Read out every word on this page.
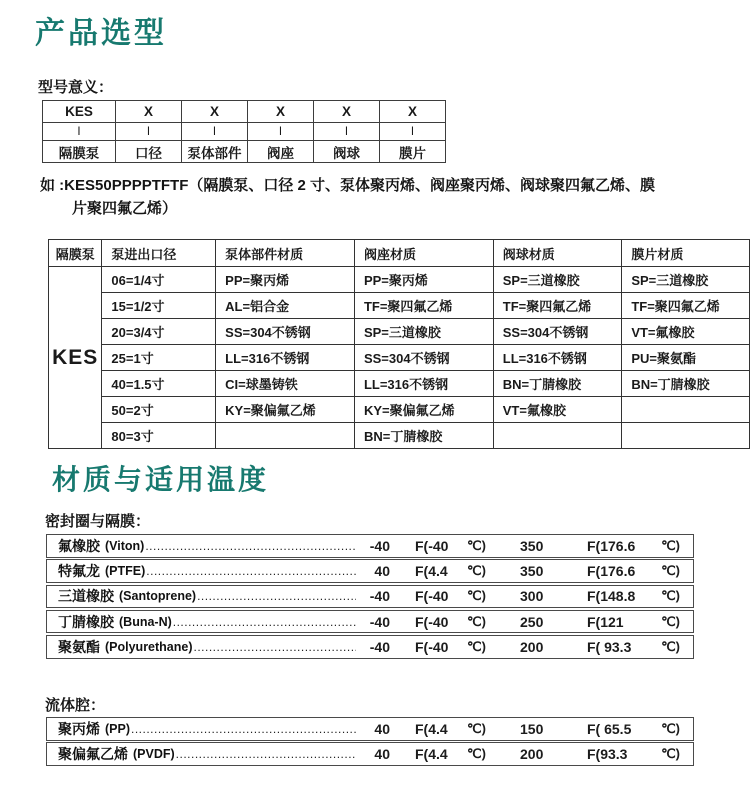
产品选型
型号意义：
KES	X	X	X	X	X
I	I	I	I	I	I
隔膜泵	口径	泵体部件	阀座	阀球	膜片
如 :KES50PPPPTFTF（隔膜泵、口径 2 寸、泵体聚丙烯、阀座聚丙烯、阀球聚四氟乙烯、膜
片聚四氟乙烯）
隔膜泵	泵进出口径	泵体部件材质	阀座材质	阀球材质	膜片材质
KES	06=1/4寸	PP=聚丙烯	PP=聚丙烯	SP=三道橡胶	SP=三道橡胶
	15=1/2寸	AL=铝合金	TF=聚四氟乙烯	TF=聚四氟乙烯	TF=聚四氟乙烯
	20=3/4寸	SS=304不锈钢	SP=三道橡胶	SS=304不锈钢	VT=氟橡胶
	25=1寸	LL=316不锈钢	SS=304不锈钢	LL=316不锈钢	PU=聚氨酯
	40=1.5寸	CI=球墨铸铁	LL=316不锈钢	BN=丁腈橡胶	BN=丁腈橡胶
	50=2寸	KY=聚偏氟乙烯	KY=聚偏氟乙烯	VT=氟橡胶	
	80=3寸		BN=丁腈橡胶		
材质与适用温度
密封圈与隔膜：
氟橡胶 (Viton) .....	-40 F(-40	℃)	350	F(176.6	℃)
特氟龙 (PTFE) .....	40 F(4.4	℃)	350	F(176.6	℃)
三道橡胶 (Santoprene) .....	-40 F(-40	℃)	300	F(148.8	℃)
丁腈橡胶 (Buna-N) .....	-40 F(-40	℃)	250	F(121	℃)
聚氨酯 (Polyurethane) .....	-40 F(-40	℃)	200	F( 93.3	℃)
流体腔：
聚丙烯 (PP) .....	40 F(4.4	℃)	150	F( 65.5	℃)
聚偏氟乙烯 (PVDF) .....	40 F(4.4	℃)	200	F(93.3	℃)
